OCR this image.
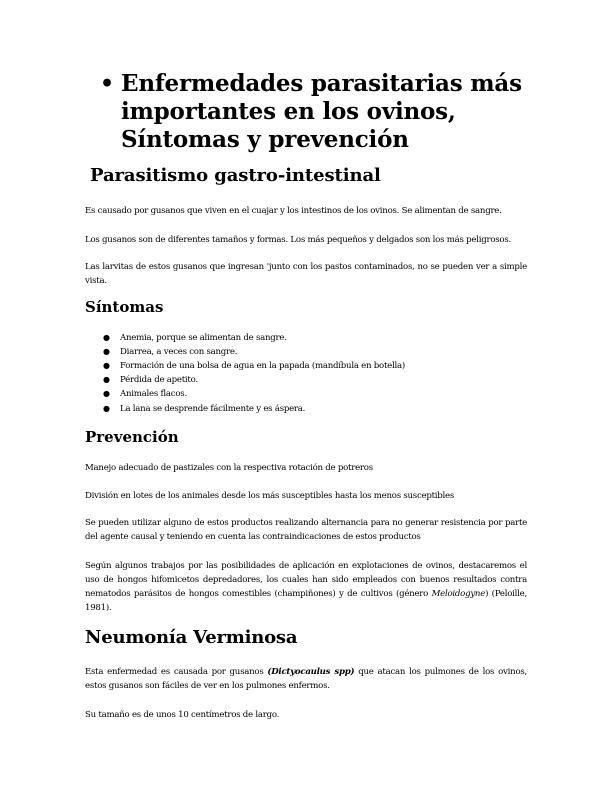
• Enfermedades parasitarias más
importantes en los ovinos,
Síntomas y prevención
Parasitismo gastro-intestinal

Es causado por gusanos que viven en el cuajar y los intestinos de los ovinos. Se alimentan de sangre.

Los gusanos son de diferentes tamaños y formas. Los más pequeños y delgados son los más peligrosos.

Las larvitas de estos gusanos que ingresan 'junto con los pastos contaminados, no se pueden ver a simple vista.

Síntomas
● Anemia, porque se alimentan de sangre.
● Diarrea, a veces con sangre.
● Formación de una bolsa de agua en la papada (mandíbula en botella)
● Pérdida de apetito.
● Animales flacos.
● La lana se desprende fácilmente y es áspera.
Prevención

Manejo adecuado de pastizales con la respectiva rotación de potreros

División en lotes de los animales desde los más susceptibles hasta los menos susceptibles

Se pueden utilizar alguno de estos productos realizando alternancia para no generar resistencia por parte del agente causal y teniendo en cuenta las contraindicaciones de estos productos

Según algunos trabajos por las posibilidades de aplicación en explotaciones de ovinos, destacaremos el uso de hongos hifomicetos depredadores, los cuales han sido empleados con buenos resultados contra nematodos parásitos de hongos comestibles (champiñones) y de cultivos (género Meloidogyne) (Peloille, 1981).

Neumonía Verminosa

Esta enfermedad es causada por gusanos (Dictyocaulus spp) que atacan los pulmones de los ovinos, estos gusanos son fáciles de ver en los pulmones enfermos.

Su tamaño es de unos 10 centímetros de largo.
